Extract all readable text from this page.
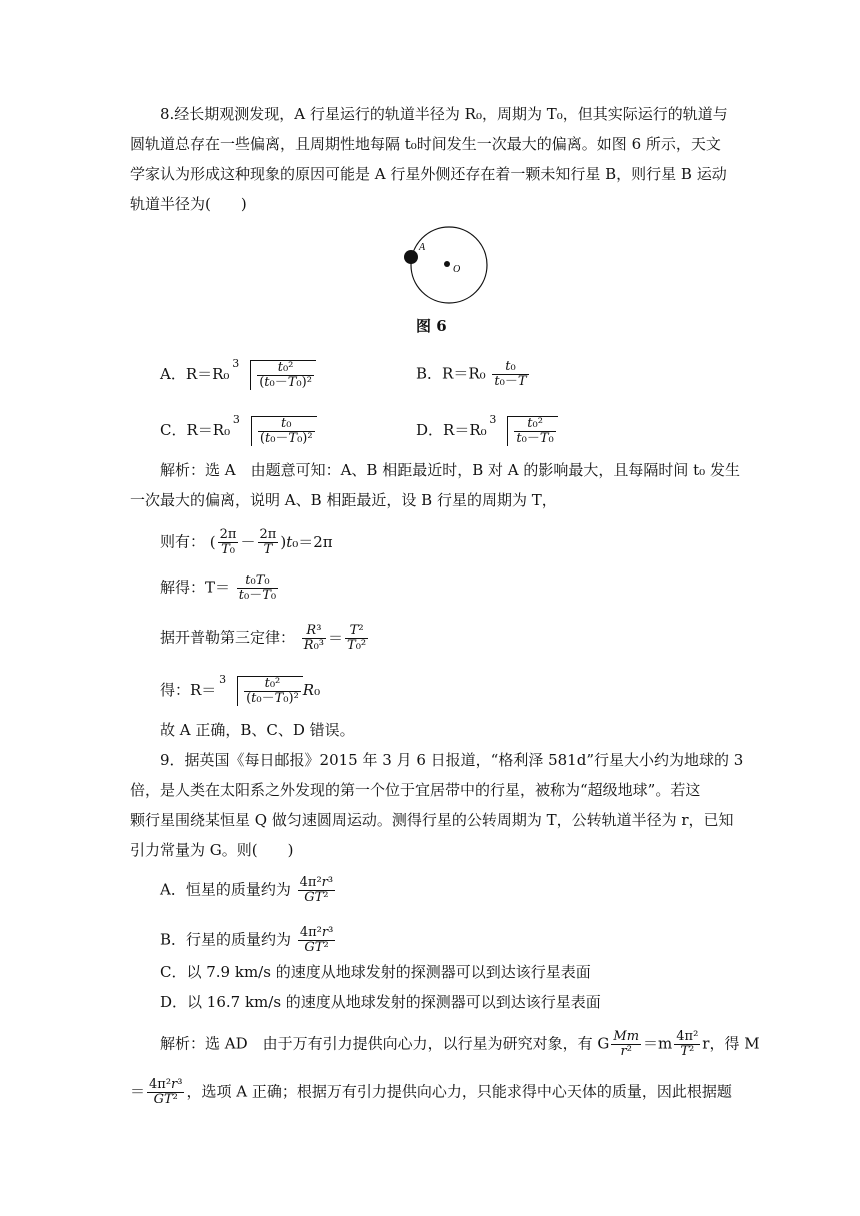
8.经长期观测发现，A 行星运行的轨道半径为 R₀，周期为 T₀，但其实际运行的轨道与
圆轨道总存在一些偏离，且周期性地每隔 t₀时间发生一次最大的偏离。如图 6 所示，天文
学家认为形成这种现象的原因可能是 A 行星外侧还存在着一颗未知行星 B，则行星 B 运动
轨道半径为(　　)
A
O
图 6
A．R＝R₀
$3 \frac{\text{t₀²}}{\text{(t₀－T₀)²}}$	B．$R=R_0 \frac{\text{t₀}}{\text{t₀－T}}$
C．R＝R₀
$3 \frac{\text{t₀}}{\text{(t₀－T₀)²}}$	D．R＝R₀
$3 \frac{\text{t₀²}}{\text{t₀－T₀}}$
解析：选 A　由题意可知：A、B 相距最近时，B 对 A 的影响最大，且每隔时间 t₀ 发生
一次最大的偏离，说明 A、B 相距最近，设 B 行星的周期为 T，
则有： ( $\frac{2\pi}{\text{T₀}} - \frac{2\pi}{T} )t_0=2\pi$
解得：$T= \frac{\text{t₀T₀}}{\text{t₀－T₀}}$
据开普勒第三定律： $\frac{\text{R³}}{\text{R₀³}} = \frac{\text{T²}}{\text{T₀²}}$
得：R＝
$3 \frac{\text{t₀²}}{\text{(t₀－T₀)²}} R_0$
故 A 正确，B、C、D 错误。
9．据英国《每日邮报》2015 年 3 月 6 日报道，“格利泽 581d”行星大小约为地球的 3
倍，是人类在太阳系之外发现的第一个位于宜居带中的行星，被称为“超级地球”。若这
颗行星围绕某恒星 Q 做匀速圆周运动。测得行星的公转周期为 T，公转轨道半径为 r，已知
引力常量为 G。则(　　)
A．恒星的质量约为 $\frac{\text{4π²r³}}{\text{GT²}}$
B．行星的质量约为 $\frac{\text{4π²r³}}{\text{GT²}}$
C．以 7.9 km/s 的速度从地球发射的探测器可以到达该行星表面
D．以 16.7 km/s 的速度从地球发射的探测器可以到达该行星表面
解析：选 AD　由于万有引力提供向心力，以行星为研究对象，有 G $\frac{Mm}{\text{r²}} =m \frac{\text{4π²}}{\text{T²}}$ r，得 M
＝ $\frac{\text{4π²r³}}{\text{GT²}}$ ，选项 A 正确；根据万有引力提供向心力，只能求得中心天体的质量，因此根据题
